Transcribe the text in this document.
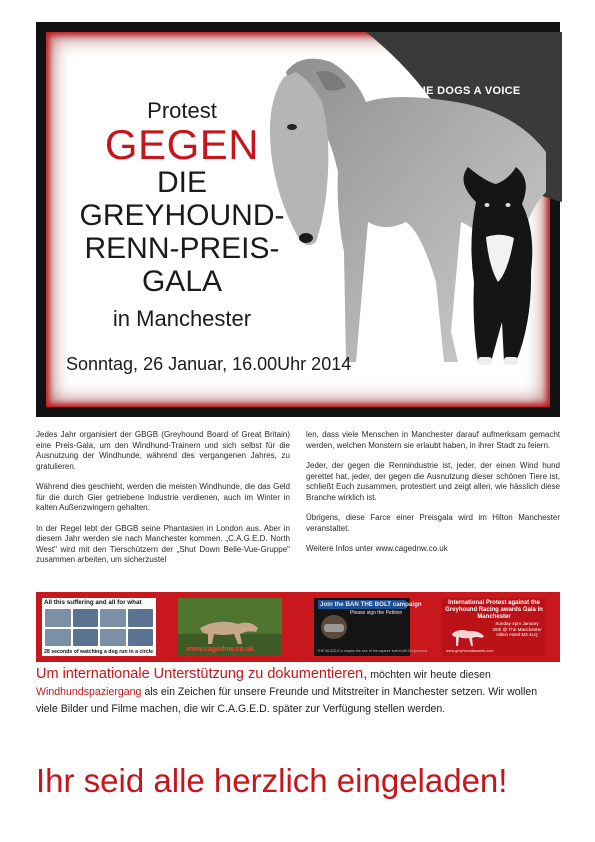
GIVE THE DOGS A VOICE
Protest
GEGEN
DIE
GREYHOUND-
RENN-PREIS-
GALA
in Manchester
Sonntag, 26 Januar, 16.00Uhr 2014

Jedes Jahr organisiert der GBGB (Greyhound Board of Great Britain) eine Preis-Gala, um den Windhund-Trainern und sich selbst für die Ausnutzung der Windhunde, während des vergangenen Jahres, zu gratulieren.

Während dies geschieht, werden die meisten Windhunde, die das Geld für die durch Gier getriebene Industrie verdienen, auch im Winter in kalten Außenzwingern gehalten.

In der Regel lebt der GBGB seine Phantasien in London aus. Aber in diesem Jahr werden sie nach Manchester kommen. „C.A.G.E.D. North West" wird mit den Tierschützern der „Shut Down Belle-Vue-Gruppe" zusammen arbeiten, um sicherzustel

len, dass viele Menschen in Manchester darauf aufmerksam gemacht werden, welchen Monstern sie erlaubt haben, in ihrer Stadt zu feiern.

Jeder, der gegen die Rennindustrie ist, jeder, der einen Wind hund gerettet hat, jeder, der gegen die Ausnutzung dieser schönen Tiere ist, schließt Euch zusammen, protestiert und zeigt allen, wie hässlich diese Branche wirklich ist.

Übrigens, diese Farce einer Preisgala wird im Hilton Manchester veranstaltet.

Weitere Infos unter www.cagednw.co.uk

All this suffering and all for what
28 seconds of watching a dog run in a circle	www.cagednw.co.uk
Join the BAN THE BOLT campaign
Please sign the Petition
THE MUZZLE is maybe the use of the capture bolt to kill Greyhounds
International Protest against the Greyhound Racing awards Gala in Manchester
Sunday 4pm January 26th @ The Manchester Hilton Hotel M3 4LQ
www.greyhoundawards.com
Um internationale Unterstützung zu dokumentieren, möchten wir heute diesen Windhundspaziergang als ein Zeichen für unsere Freunde und Mitstreiter in Manchester setzen. Wir wollen viele Bilder und Filme machen, die wir C.A.G.E.D. später zur Verfügung stellen werden.
Ihr seid alle herzlich eingeladen!
